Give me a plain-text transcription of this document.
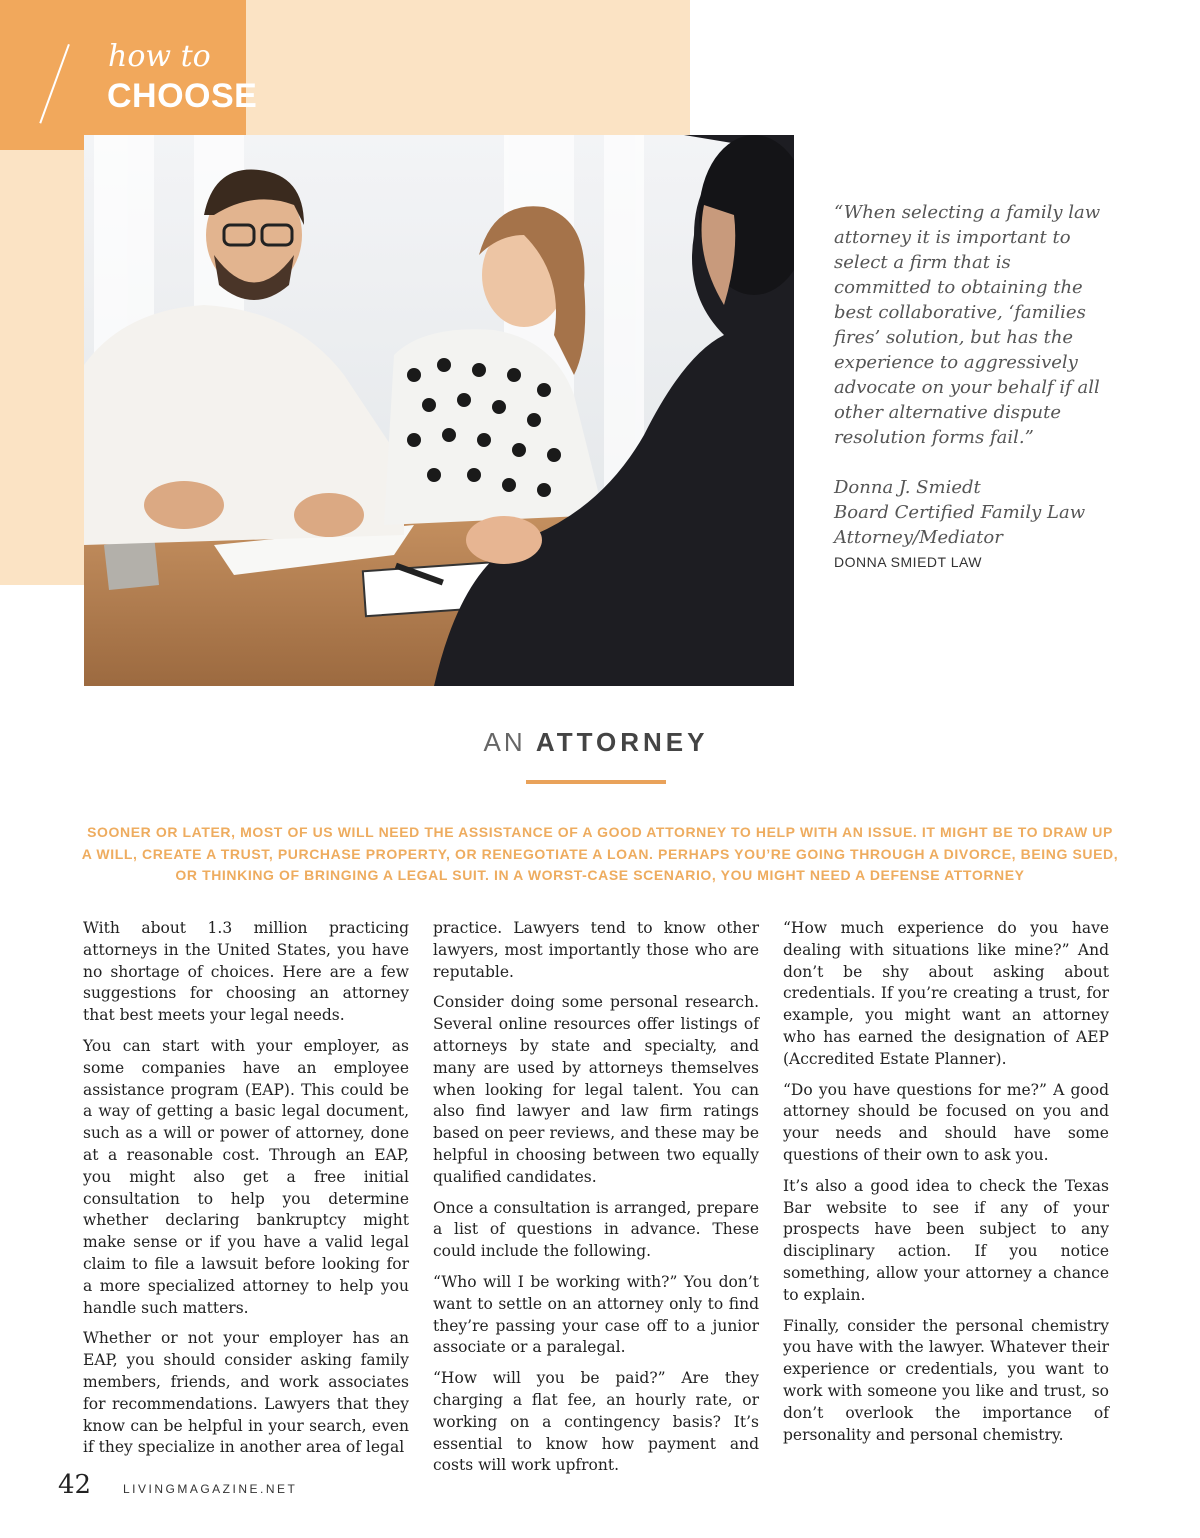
how to
CHOOSE

“When selecting a family law attorney it is important to select a firm that is committed to obtaining the best collaborative, ‘families fires’ solution, but has the experience to aggressively advocate on your behalf if all other alternative dispute resolution forms fail.”

Donna J. Smiedt
Board Certified Family Law
Attorney/Mediator
DONNA SMIEDT LAW
AN ATTORNEY
SOONER OR LATER, MOST OF US WILL NEED THE ASSISTANCE OF A GOOD ATTORNEY TO HELP WITH AN ISSUE. IT MIGHT BE TO DRAW UP A WILL, CREATE A TRUST, PURCHASE PROPERTY, OR RENEGOTIATE A LOAN. PERHAPS YOU’RE GOING THROUGH A DIVORCE, BEING SUED, OR THINKING OF BRINGING A LEGAL SUIT. IN A WORST-CASE SCENARIO, YOU MIGHT NEED A DEFENSE ATTORNEY

With about 1.3 million practicing attorneys in the United States, you have no shortage of choices. Here are a few suggestions for choosing an attorney that best meets your legal needs.

You can start with your employer, as some companies have an employee assistance program (EAP). This could be a way of getting a basic legal document, such as a will or power of attorney, done at a reasonable cost. Through an EAP, you might also get a free initial consultation to help you determine whether declaring bankruptcy might make sense or if you have a valid legal claim to file a lawsuit before looking for a more specialized attorney to help you handle such matters.

Whether or not your employer has an EAP, you should consider asking family members, friends, and work associates for recommendations. Lawyers that they know can be helpful in your search, even if they specialize in another area of legal

practice. Lawyers tend to know other lawyers, most importantly those who are reputable.

Consider doing some personal research. Several online resources offer listings of attorneys by state and specialty, and many are used by attorneys themselves when looking for legal talent. You can also find lawyer and law firm ratings based on peer reviews, and these may be helpful in choosing between two equally qualified candidates.

Once a consultation is arranged, prepare a list of questions in advance. These could include the following.

“Who will I be working with?” You don’t want to settle on an attorney only to find they’re passing your case off to a junior associate or a paralegal.

“How will you be paid?” Are they charging a flat fee, an hourly rate, or working on a contingency basis? It’s essential to know how payment and costs will work upfront.

“How much experience do you have dealing with situations like mine?” And don’t be shy about asking about credentials. If you’re creating a trust, for example, you might want an attorney who has earned the designation of AEP (Accredited Estate Planner).

“Do you have questions for me?” A good attorney should be focused on you and your needs and should have some questions of their own to ask you.

It’s also a good idea to check the Texas Bar website to see if any of your prospects have been subject to any disciplinary action. If you notice something, allow your attorney a chance to explain.

Finally, consider the personal chemistry you have with the lawyer. Whatever their experience or credentials, you want to work with someone you like and trust, so don’t overlook the importance of personality and personal chemistry.

42	LIVINGMAGAZINE.NET
